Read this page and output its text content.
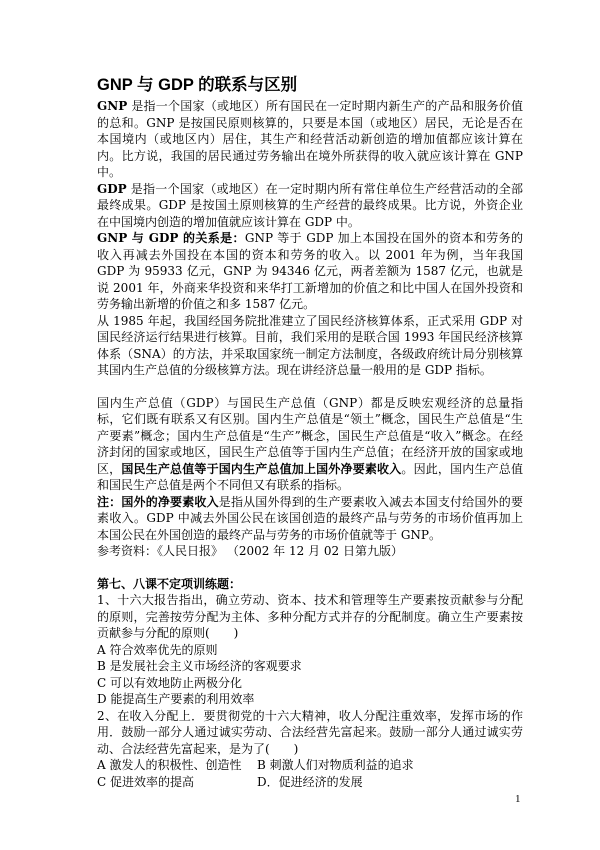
GNP 与 GDP 的联系与区别

GNP 是指一个国家（或地区）所有国民在一定时期内新生产的产品和服务价值的总和。GNP 是按国民原则核算的，只要是本国（或地区）居民，无论是否在本国境内（或地区内）居住，其生产和经营活动新创造的增加值都应该计算在内。比方说，我国的居民通过劳务输出在境外所获得的收入就应该计算在 GNP 中。

GDP 是指一个国家（或地区）在一定时期内所有常住单位生产经营活动的全部最终成果。GDP 是按国土原则核算的生产经营的最终成果。比方说，外资企业在中国境内创造的增加值就应该计算在 GDP 中。

GNP 与 GDP 的关系是：GNP 等于 GDP 加上本国投在国外的资本和劳务的收入再减去外国投在本国的资本和劳务的收入。以 2001 年为例，当年我国 GDP 为 95933 亿元，GNP 为 94346 亿元，两者差额为 1587 亿元，也就是说 2001 年，外商来华投资和来华打工新增加的价值之和比中国人在国外投资和劳务输出新增的价值之和多 1587 亿元。

从 1985 年起，我国经国务院批准建立了国民经济核算体系，正式采用 GDP 对国民经济运行结果进行核算。目前，我们采用的是联合国 1993 年国民经济核算体系（SNA）的方法，并采取国家统一制定方法制度，各级政府统计局分别核算其国内生产总值的分级核算方法。现在讲经济总量一般用的是 GDP 指标。

国内生产总值（GDP）与国民生产总值（GNP）都是反映宏观经济的总量指标，它们既有联系又有区别。国内生产总值是“领土”概念，国民生产总值是“生产要素”概念；国内生产总值是“生产”概念，国民生产总值是“收入”概念。在经济封闭的国家或地区，国民生产总值等于国内生产总值；在经济开放的国家或地区，国民生产总值等于国内生产总值加上国外净要素收入。因此，国内生产总值和国民生产总值是两个不同但又有联系的指标。

注：国外的净要素收入是指从国外得到的生产要素收入减去本国支付给国外的要素收入。GDP 中减去外国公民在该国创造的最终产品与劳务的市场价值再加上本国公民在外国创造的最终产品与劳务的市场价值就等于 GNP。

参考资料：《人民日报》 （2002 年 12 月 02 日第九版）

第七、八课不定项训练题：

1、十六大报告指出，确立劳动、资本、技术和管理等生产要素按贡献参与分配的原则，完善按劳分配为主体、多种分配方式并存的分配制度。确立生产要素按贡献参与分配的原则(　　)

A 符合效率优先的原则

B 是发展社会主义市场经济的客观要求

C 可以有效地防止两极分化

D 能提高生产要素的利用效率

2、在收入分配上．要贯彻党的十六大精神，收人分配注重效率，发挥市场的作用．鼓励一部分人通过诚实劳动、合法经营先富起来。鼓励一部分人通过诚实劳动、合法经营先富起来，是为了(　　)

A 激发人的积极性、创造性	B 刺激人们对物质利益的追求
C 促进效率的提高	D．促进经济的发展
1
